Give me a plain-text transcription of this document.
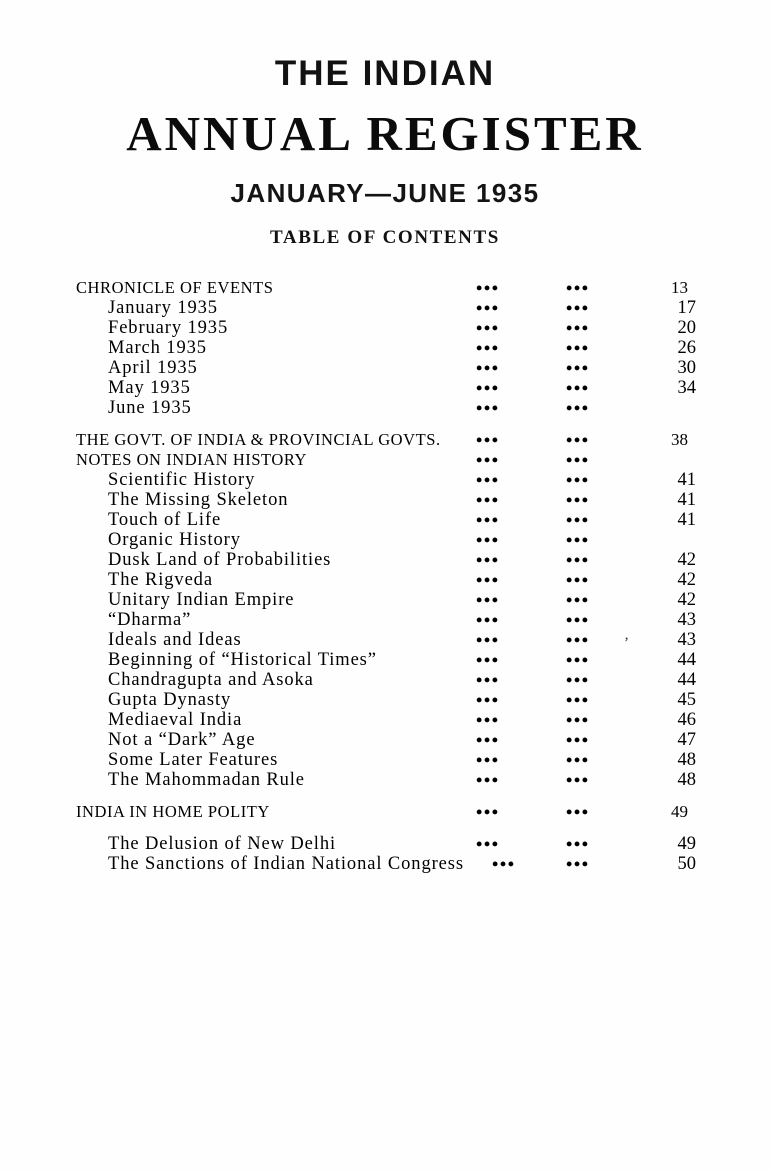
THE INDIAN
ANNUAL REGISTER
JANUARY—JUNE 1935
TABLE OF CONTENTS
CHRONICLE OF EVENTS	•••	•••	13
January 1935	•••	•••	17
February 1935	•••	•••	20
March 1935	•••	•••	26
April 1935	•••	•••	30
May 1935	•••	•••	34
June 1935	•••	•••
THE GOVT. OF INDIA & PROVINCIAL GOVTS. •••	•••	38
NOTES ON INDIAN HISTORY	•••	•••
Scientific History	•••	•••	41
The Missing Skeleton	•••	•••	41
Touch of Life	•••	•••	41
Organic History	•••	•••
Dusk Land of Probabilities	•••	•••	42
The Rigveda	•••	•••	42
Unitary Indian Empire	•••	•••	42
“Dharma”	•••	•••	43
Ideals and Ideas	•••	••• ’	43
Beginning of “Historical Times”	•••	•••	44
Chandragupta and Asoka	•••	•••	44
Gupta Dynasty	•••	•••	45
Mediaeval India	•••	•••	46
Not a “Dark” Age	•••	•••	47
Some Later Features	•••	•••	48
The Mahommadan Rule	•••	•••	48
INDIA IN HOME POLITY	•••	•••	49
The Delusion of New Delhi	•••	•••	49
The Sanctions of Indian National Congress •••	•••	50
